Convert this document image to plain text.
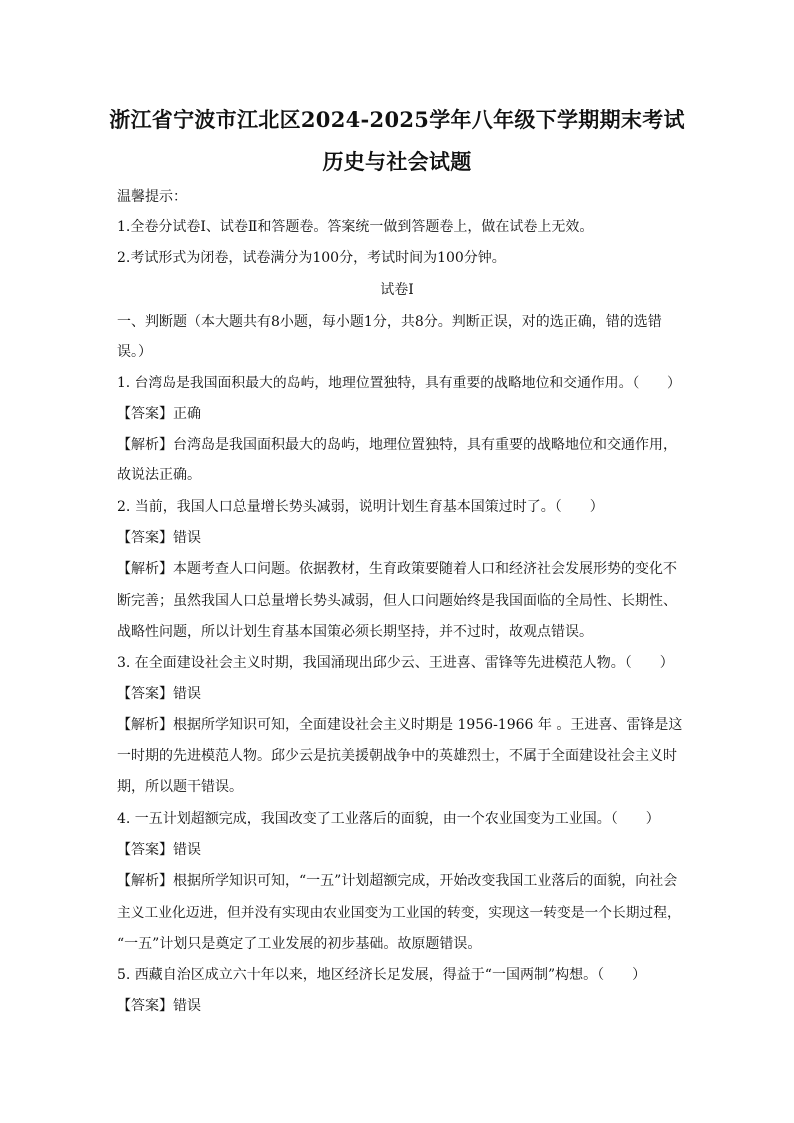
浙江省宁波市江北区2024-2025学年八年级下学期期末考试
历史与社会试题
温馨提示：
1.全卷分试卷Ⅰ、试卷Ⅱ和答题卷。答案统一做到答题卷上，做在试卷上无效。
2.考试形式为闭卷，试卷满分为100分，考试时间为100分钟。
试卷Ⅰ
一、判断题（本大题共有8小题，每小题1分，共8分。判断正误，对的选正确，错的选错
误。）
1. 台湾岛是我国面积最大的岛屿，地理位置独特，具有重要的战略地位和交通作用。（　　）
【答案】正确
【解析】台湾岛是我国面积最大的岛屿，地理位置独特，具有重要的战略地位和交通作用，
故说法正确。
2. 当前，我国人口总量增长势头减弱，说明计划生育基本国策过时了。（　　）
【答案】错误
【解析】本题考查人口问题。依据教材，生育政策要随着人口和经济社会发展形势的变化不
断完善；虽然我国人口总量增长势头减弱，但人口问题始终是我国面临的全局性、长期性、
战略性问题，所以计划生育基本国策必须长期坚持，并不过时，故观点错误。
3. 在全面建设社会主义时期，我国涌现出邱少云、王进喜、雷锋等先进模范人物。（　　）
【答案】错误
【解析】根据所学知识可知，全面建设社会主义时期是 1956-1966 年 。王进喜、雷锋是这
一时期的先进模范人物。邱少云是抗美援朝战争中的英雄烈士，不属于全面建设社会主义时
期，所以题干错误。
4. 一五计划超额完成，我国改变了工业落后的面貌，由一个农业国变为工业国。（　　）
【答案】错误
【解析】根据所学知识可知，“一五”计划超额完成，开始改变我国工业落后的面貌，向社会
主义工业化迈进，但并没有实现由农业国变为工业国的转变，实现这一转变是一个长期过程，
“一五”计划只是奠定了工业发展的初步基础。故原题错误。
5. 西藏自治区成立六十年以来，地区经济长足发展，得益于“一国两制”构想。（　　）
【答案】错误
